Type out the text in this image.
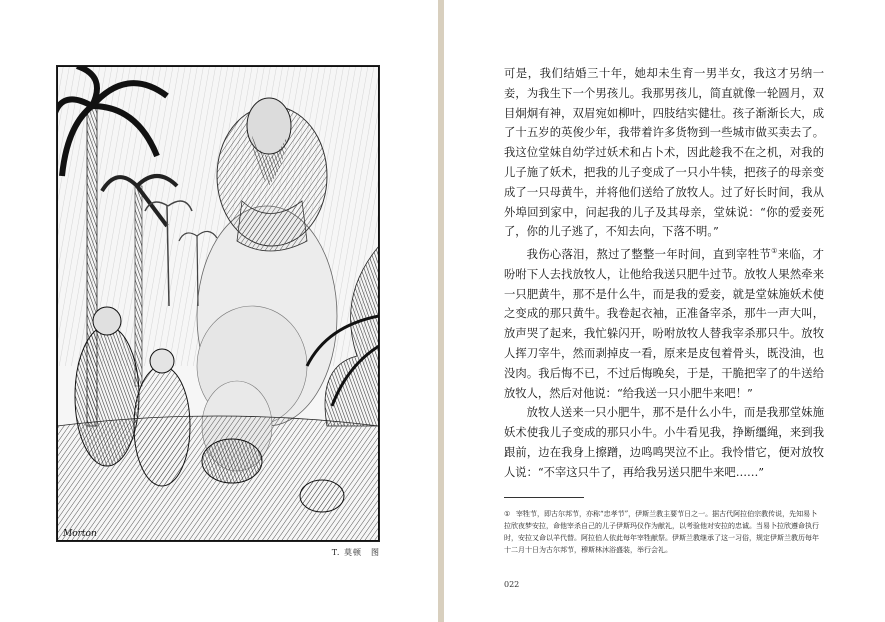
Morton
T. 莫顿　图

可是，我们结婚三十年，她却未生育一男半女，我这才另纳一妾，为我生下一个男孩儿。我那男孩儿，简直就像一轮圆月，双目炯炯有神，双眉宛如柳叶，四肢结实健壮。孩子渐渐长大，成了十五岁的英俊少年，我带着许多货物到一些城市做买卖去了。我这位堂妹自幼学过妖术和占卜术，因此趁我不在之机，对我的儿子施了妖术，把我的儿子变成了一只小牛犊，把孩子的母亲变成了一只母黄牛，并将他们送给了放牧人。过了好长时间，我从外埠回到家中，问起我的儿子及其母亲，堂妹说：“你的爱妾死了，你的儿子逃了，不知去向，下落不明。”

我伤心落泪，熬过了整整一年时间，直到宰牲节①来临，才吩咐下人去找放牧人，让他给我送只肥牛过节。放牧人果然牵来一只肥黄牛，那不是什么牛，而是我的爱妾，就是堂妹施妖术使之变成的那只黄牛。我卷起衣袖，正准备宰杀，那牛一声大叫，放声哭了起来，我忙躲闪开，吩咐放牧人替我宰杀那只牛。放牧人挥刀宰牛，然而剥掉皮一看，原来是皮包着骨头，既没油，也没肉。我后悔不已，不过后悔晚矣，于是，干脆把宰了的牛送给放牧人，然后对他说：“给我送一只小肥牛来吧！”

放牧人送来一只小肥牛，那不是什么小牛，而是我那堂妹施妖术使我儿子变成的那只小牛。小牛看见我，挣断缰绳，来到我跟前，边在我身上擦蹭，边鸣鸣哭泣不止。我怜惜它，便对放牧人说：“不宰这只牛了，再给我另送只肥牛来吧……”

① 宰牲节，即古尔邦节，亦称“忠孝节”，伊斯兰教主要节日之一。据古代阿拉伯宗教传说，先知易卜拉欣夜梦安拉，命他宰杀自己的儿子伊斯玛仪作为献礼，以考验他对安拉的忠诚。当易卜拉欣遵命执行时，安拉又命以羊代替。阿拉伯人依此每年宰牲献祭。伊斯兰教继承了这一习俗，规定伊斯兰教历每年十二月十日为古尔邦节，穆斯林沐浴盛装，举行会礼。
022
